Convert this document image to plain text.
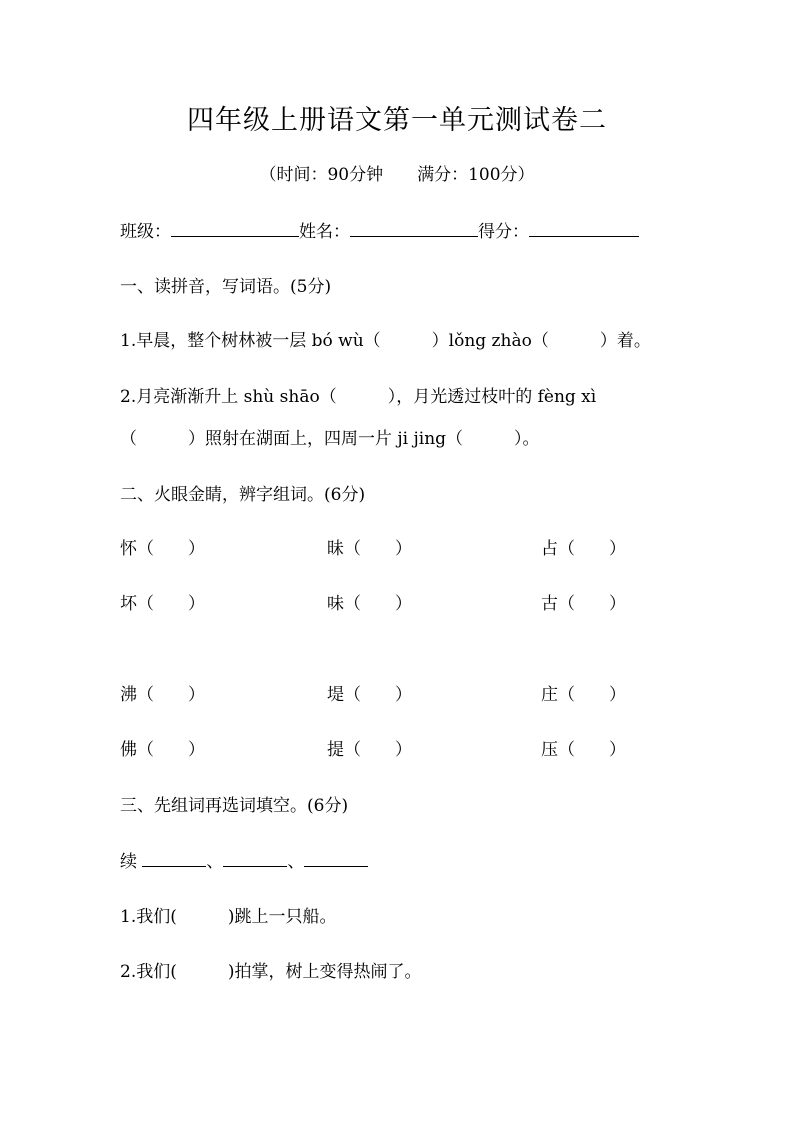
四年级上册语文第一单元测试卷二
（时间：90分钟　　满分：100分）
班级：	姓名：	得分：
一、读拼音，写词语。(5分)
1.早晨，整个树林被一层 bó wù（　　　）lǒng zhào（　　　）着。
2.月亮渐渐升上 shù shāo（　　　），月光透过枝叶的 fèng xì
（　　　）照射在湖面上，四周一片 ji jing（　　　）。
二、火眼金睛，辨字组词。(6分)
怀（　　）	昧（　　）	占（　　）
坏（　　）	味（　　）	古（　　）
沸（　　）	堤（　　）	庄（　　）
佛（　　）	提（　　）	压（　　）
三、先组词再选词填空。(6分)
续	、	、
1.我们(　　　)跳上一只船。
2.我们(　　　)拍掌，树上变得热闹了。
